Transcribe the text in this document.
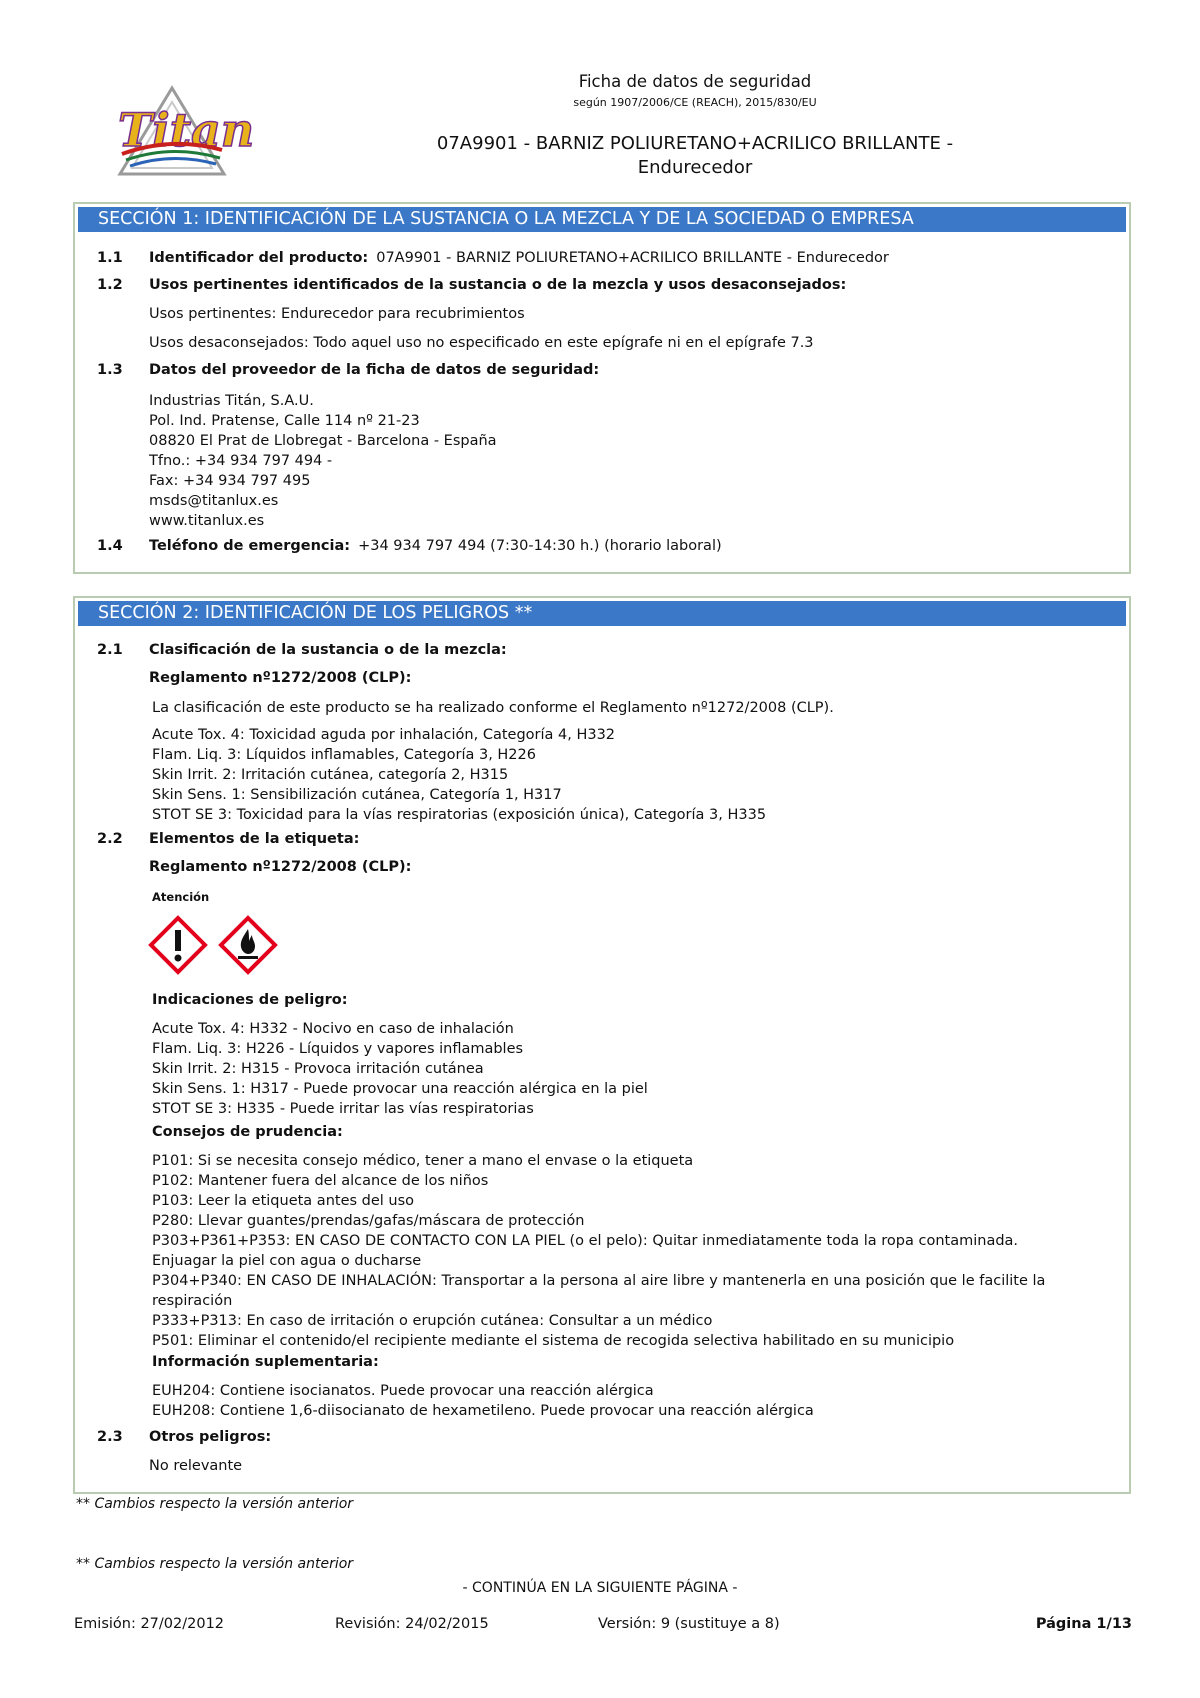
Titan
Ficha de datos de seguridad
según 1907/2006/CE (REACH), 2015/830/EU
07A9901 - BARNIZ POLIURETANO+ACRILICO BRILLANTE -
Endurecedor
SECCIÓN 1: IDENTIFICACIÓN DE LA SUSTANCIA O LA MEZCLA Y DE LA SOCIEDAD O EMPRESA
1.1 Identificador del producto: 07A9901 - BARNIZ POLIURETANO+ACRILICO BRILLANTE - Endurecedor
1.2 Usos pertinentes identificados de la sustancia o de la mezcla y usos desaconsejados:
Usos pertinentes: Endurecedor para recubrimientos
Usos desaconsejados: Todo aquel uso no especificado en este epígrafe ni en el epígrafe 7.3
1.3 Datos del proveedor de la ficha de datos de seguridad:
Industrias Titán, S.A.U.
Pol. Ind. Pratense, Calle 114 nº 21-23
08820 El Prat de Llobregat - Barcelona - España
Tfno.: +34 934 797 494 -
Fax: +34 934 797 495
msds@titanlux.es
www.titanlux.es
1.4 Teléfono de emergencia: +34 934 797 494 (7:30-14:30 h.) (horario laboral)
SECCIÓN 2: IDENTIFICACIÓN DE LOS PELIGROS **
2.1 Clasificación de la sustancia o de la mezcla:
Reglamento nº1272/2008 (CLP):
La clasificación de este producto se ha realizado conforme el Reglamento nº1272/2008 (CLP).
Acute Tox. 4: Toxicidad aguda por inhalación, Categoría 4, H332
Flam. Liq. 3: Líquidos inflamables, Categoría 3, H226
Skin Irrit. 2: Irritación cutánea, categoría 2, H315
Skin Sens. 1: Sensibilización cutánea, Categoría 1, H317
STOT SE 3: Toxicidad para la vías respiratorias (exposición única), Categoría 3, H335
2.2 Elementos de la etiqueta:
Reglamento nº1272/2008 (CLP):
Atención
Indicaciones de peligro:
Acute Tox. 4: H332 - Nocivo en caso de inhalación
Flam. Liq. 3: H226 - Líquidos y vapores inflamables
Skin Irrit. 2: H315 - Provoca irritación cutánea
Skin Sens. 1: H317 - Puede provocar una reacción alérgica en la piel
STOT SE 3: H335 - Puede irritar las vías respiratorias
Consejos de prudencia:
P101: Si se necesita consejo médico, tener a mano el envase o la etiqueta
P102: Mantener fuera del alcance de los niños
P103: Leer la etiqueta antes del uso
P280: Llevar guantes/prendas/gafas/máscara de protección
P303+P361+P353: EN CASO DE CONTACTO CON LA PIEL (o el pelo): Quitar inmediatamente toda la ropa contaminada.
Enjuagar la piel con agua o ducharse
P304+P340: EN CASO DE INHALACIÓN: Transportar a la persona al aire libre y mantenerla en una posición que le facilite la
respiración
P333+P313: En caso de irritación o erupción cutánea: Consultar a un médico
P501: Eliminar el contenido/el recipiente mediante el sistema de recogida selectiva habilitado en su municipio
Información suplementaria:
EUH204: Contiene isocianatos. Puede provocar una reacción alérgica
EUH208: Contiene 1,6-diisocianato de hexametileno. Puede provocar una reacción alérgica
2.3 Otros peligros:
No relevante
** Cambios respecto la versión anterior
** Cambios respecto la versión anterior
- CONTINÚA EN LA SIGUIENTE PÁGINA -
Emisión: 27/02/2012	Revisión: 24/02/2015	Versión: 9 (sustituye a 8)	Página 1/13
